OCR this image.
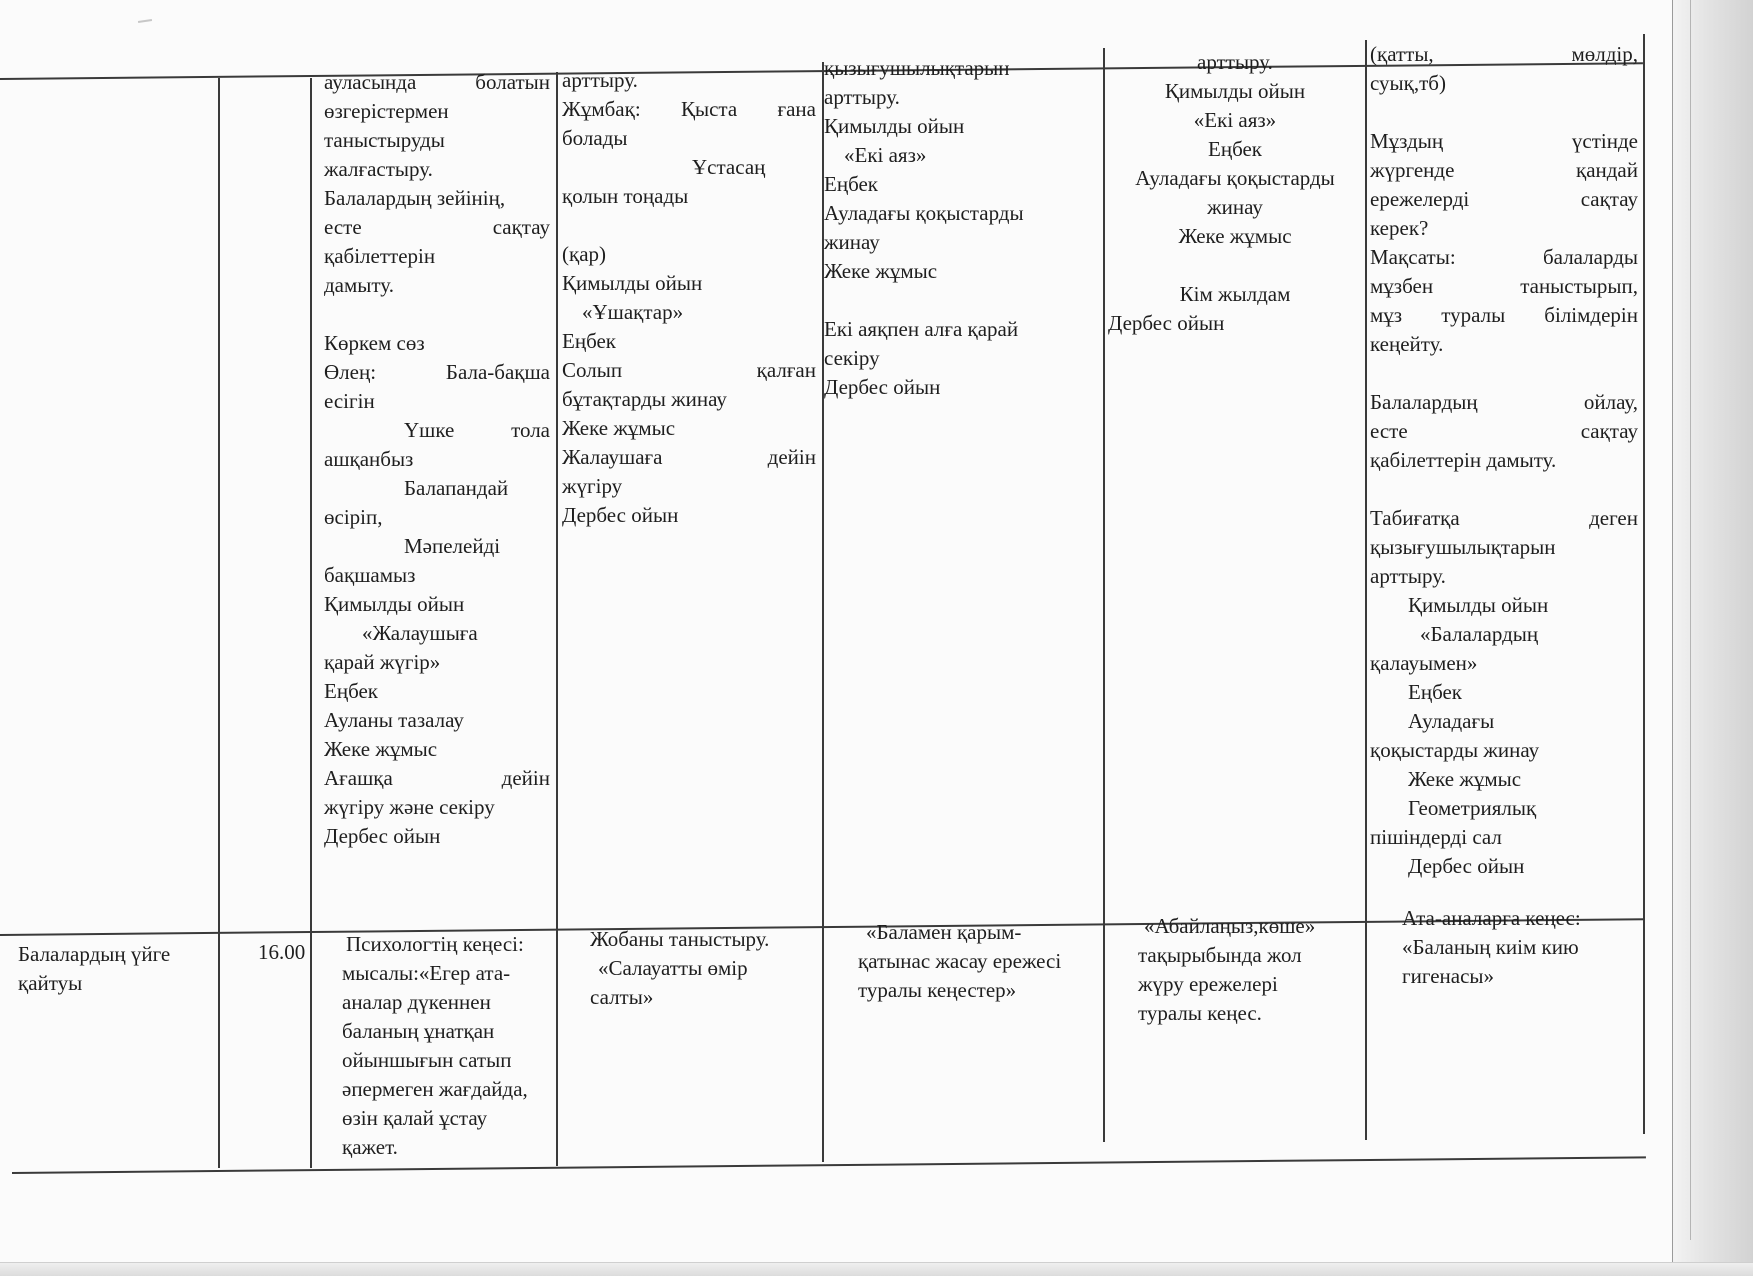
ауласында болатын

өзгерістермен

таныстыруды

жалғастыру.

Балалардың зейінің,

есте сақтау

қабілеттерін

дамыту.

Көркем сөз

Өлең: Бала-бақша

есігін

Үшке тола

ашқанбыз

Балапандай

өсіріп,

Мәпелейді

бақшамыз

Қимылды ойын

«Жалаушыға

қарай жүгір»

Еңбек

Ауланы тазалау

Жеке жұмыс

Ағашқа дейін

жүгіру және секіру

Дербес ойын

арттыру.

Жұмбақ: Қыста ғана

болады

Ұстасаң

қолын тоңады

(қар)

Қимылды ойын

«Ұшақтар»

Еңбек

Солып қалған

бұтақтарды жинау

Жеке жұмыс

Жалаушаға дейін

жүгіру

Дербес ойын

қызығушылықтарын

арттыру.

Қимылды ойын

«Екі аяз»

Еңбек

Ауладағы қоқыстарды

жинау

Жеке жұмыс

Екі аяқпен алға қарай

секіру

Дербес ойын

арттыру.

Қимылды ойын

«Екі аяз»

Еңбек

Ауладағы қоқыстарды

жинау

Жеке жұмыс

Кім жылдам

Дербес ойын

(қатты, мөлдір,

суық,тб)

Мұздың үстінде

жүргенде қандай

ережелерді сақтау

керек?

Мақсаты: балаларды

мұзбен таныстырып,

мұз туралы білімдерін

кеңейту.

Балалардың ойлау,

есте сақтау

қабілеттерін дамыту.

Табиғатқа деген

қызығушылықтарын

арттыру.

Қимылды ойын

«Балалардың

қалауымен»

Еңбек

Ауладағы

қоқыстарды жинау

Жеке жұмыс

Геометриялық

пішіндерді сал

Дербес ойын

Балалардың үйге

қайтуы

16.00	Психологтің кеңесі:

мысалы:«Егер ата-

аналар дүкеннен

баланың ұнатқан

ойыншығын сатып

әпермеген жағдайда,

өзін қалай ұстау

қажет.

Жобаны таныстыру.

«Салауатты өмір

салты»

«Баламен қарым-

қатынас жасау ережесі

туралы кеңестер»

«Абайлаңыз,көше»

тақырыбында жол

жүру ережелері

туралы кеңес.

Ата-аналарға кеңес:

«Баланың киім кию

гигенасы»
